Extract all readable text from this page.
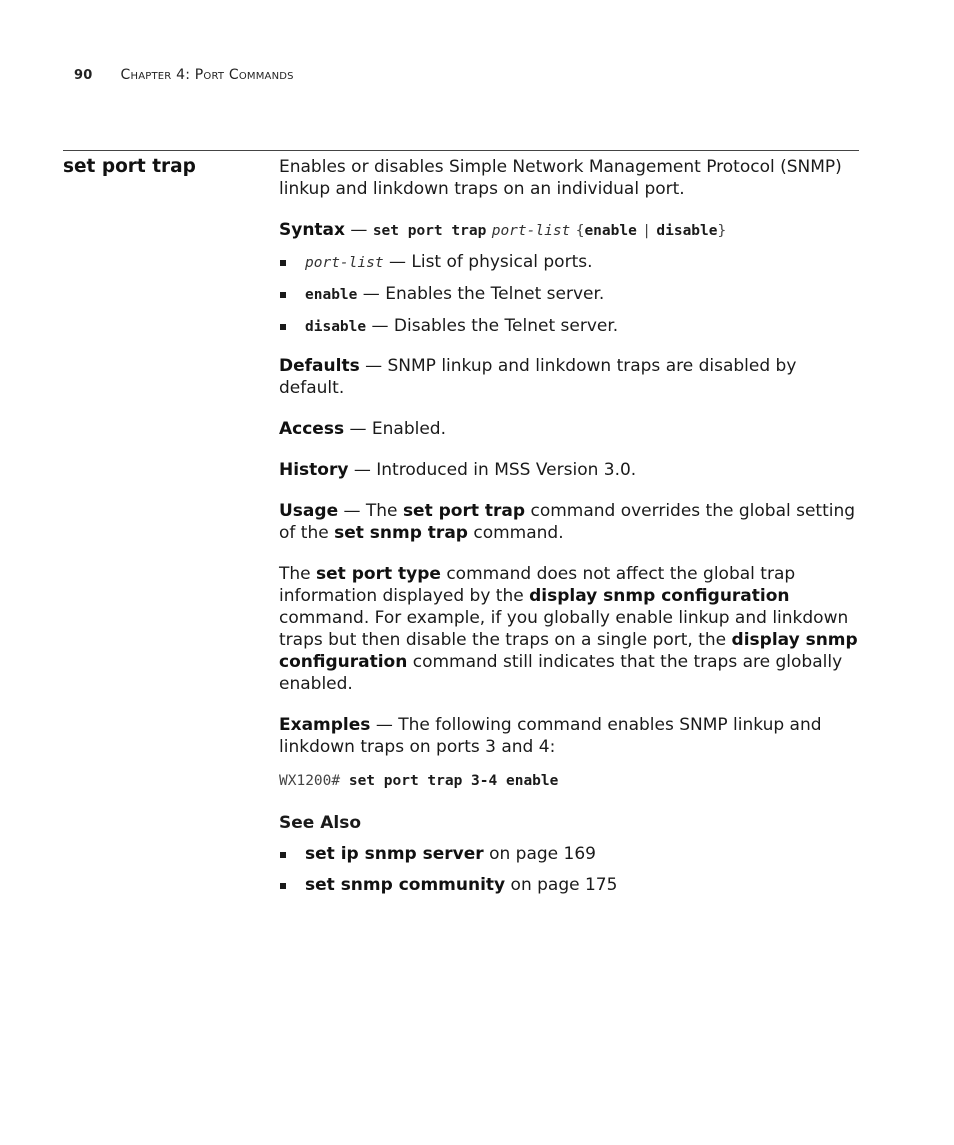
90 Chapter 4: Port Commands
set port trap	Enables or disables Simple Network Management Protocol (SNMP) linkup and linkdown traps on an individual port.

Syntax — set port trap port-list {enable | disable}

port-list — List of physical ports.
enable — Enables the Telnet server.
disable — Disables the Telnet server.

Defaults — SNMP linkup and linkdown traps are disabled by default.

Access — Enabled.

History — Introduced in MSS Version 3.0.

Usage — The set port trap command overrides the global setting of the set snmp trap command.

The set port type command does not affect the global trap information displayed by the display snmp configuration command. For example, if you globally enable linkup and linkdown traps but then disable the traps on a single port, the display snmp configuration command still indicates that the traps are globally enabled.

Examples — The following command enables SNMP linkup and linkdown traps on ports 3 and 4:

WX1200# set port trap 3-4 enable
See Also
set ip snmp server on page 169
set snmp community on page 175
